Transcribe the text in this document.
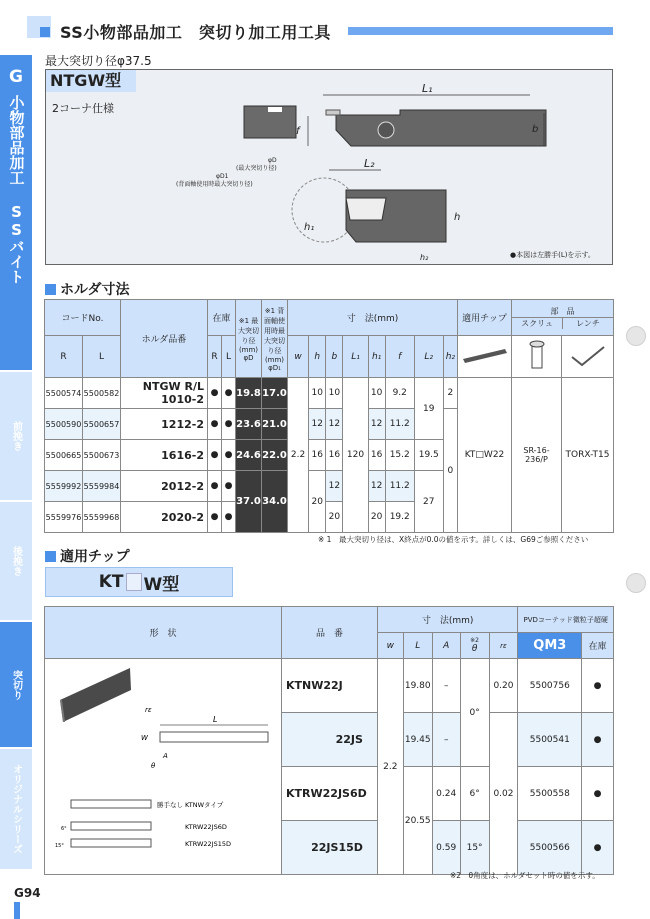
SS小物部品加工　突切り加工用工具
G
小物部品加工 SSバイト
前挽き
後挽き
突切り
オリジナルシリーズ
最大突切り径φ37.5
L₁
f	b
L₂
φD
(最大突切り径)
φD1
(背面軸使用時最大突切り径)
h₁
h
h₂
NTGW型
2コーナ仕様
●本図は左勝手(L)を示す。
ホルダ寸法
コードNo.		ホルダ品番	在庫		※1 最大突切り径 (mm) φD	※1 背面軸使用時最大突切り径 (mm) φD₁	寸　法(mm)								適用チップ	部　品
スクリュ レンチ	

R	L		R	L			w	h	b	L₁	h₁	f	L₂	h₂			
5500574	5500582	NTGW R/L 1010-2	●	●	19.8	17.0	2.2	10	10	120	10	9.2	19	2	KT□W22	SR-16-236/P	TORX-T15
5500590	5500657	1212-2	●	●	23.6	21.0		12	12		12	11.2		0			
5500665	5500673	1616-2	●	●	24.6	22.0		16	16		16	15.2	19.5				
5559992	5559984	2012-2	●	●	37.0	34.0		20	12		12	11.2	27				
5559976	5559968	2020-2	●	●					20		20	19.2					
※ 1　最大突切り径は、X終点が0.0の値を示す。詳しくは、G69ご参照ください
適用チップ
KT W型
形　状	品　番	寸　法(mm)					PVDコーテッド微粒子超硬	
		w	L	A	※2
θ	rε	QM3	在庫

L
W
rε
A
θ
勝手なし KTNWタイプ
KTRW22JS6D
KTRW22JS15D
6°
15°
	KTNW22J	2.2	19.80	–	0°	0.20	5500756	●
	22JS		19.45	–		0.02	5500541	●
	KTRW22JS6D		20.55	0.24	6°		5500558	●
	22JS15D			0.59	15°		5500566	●
※2　θ角度は、ホルダセット時の値を示す。
G94
